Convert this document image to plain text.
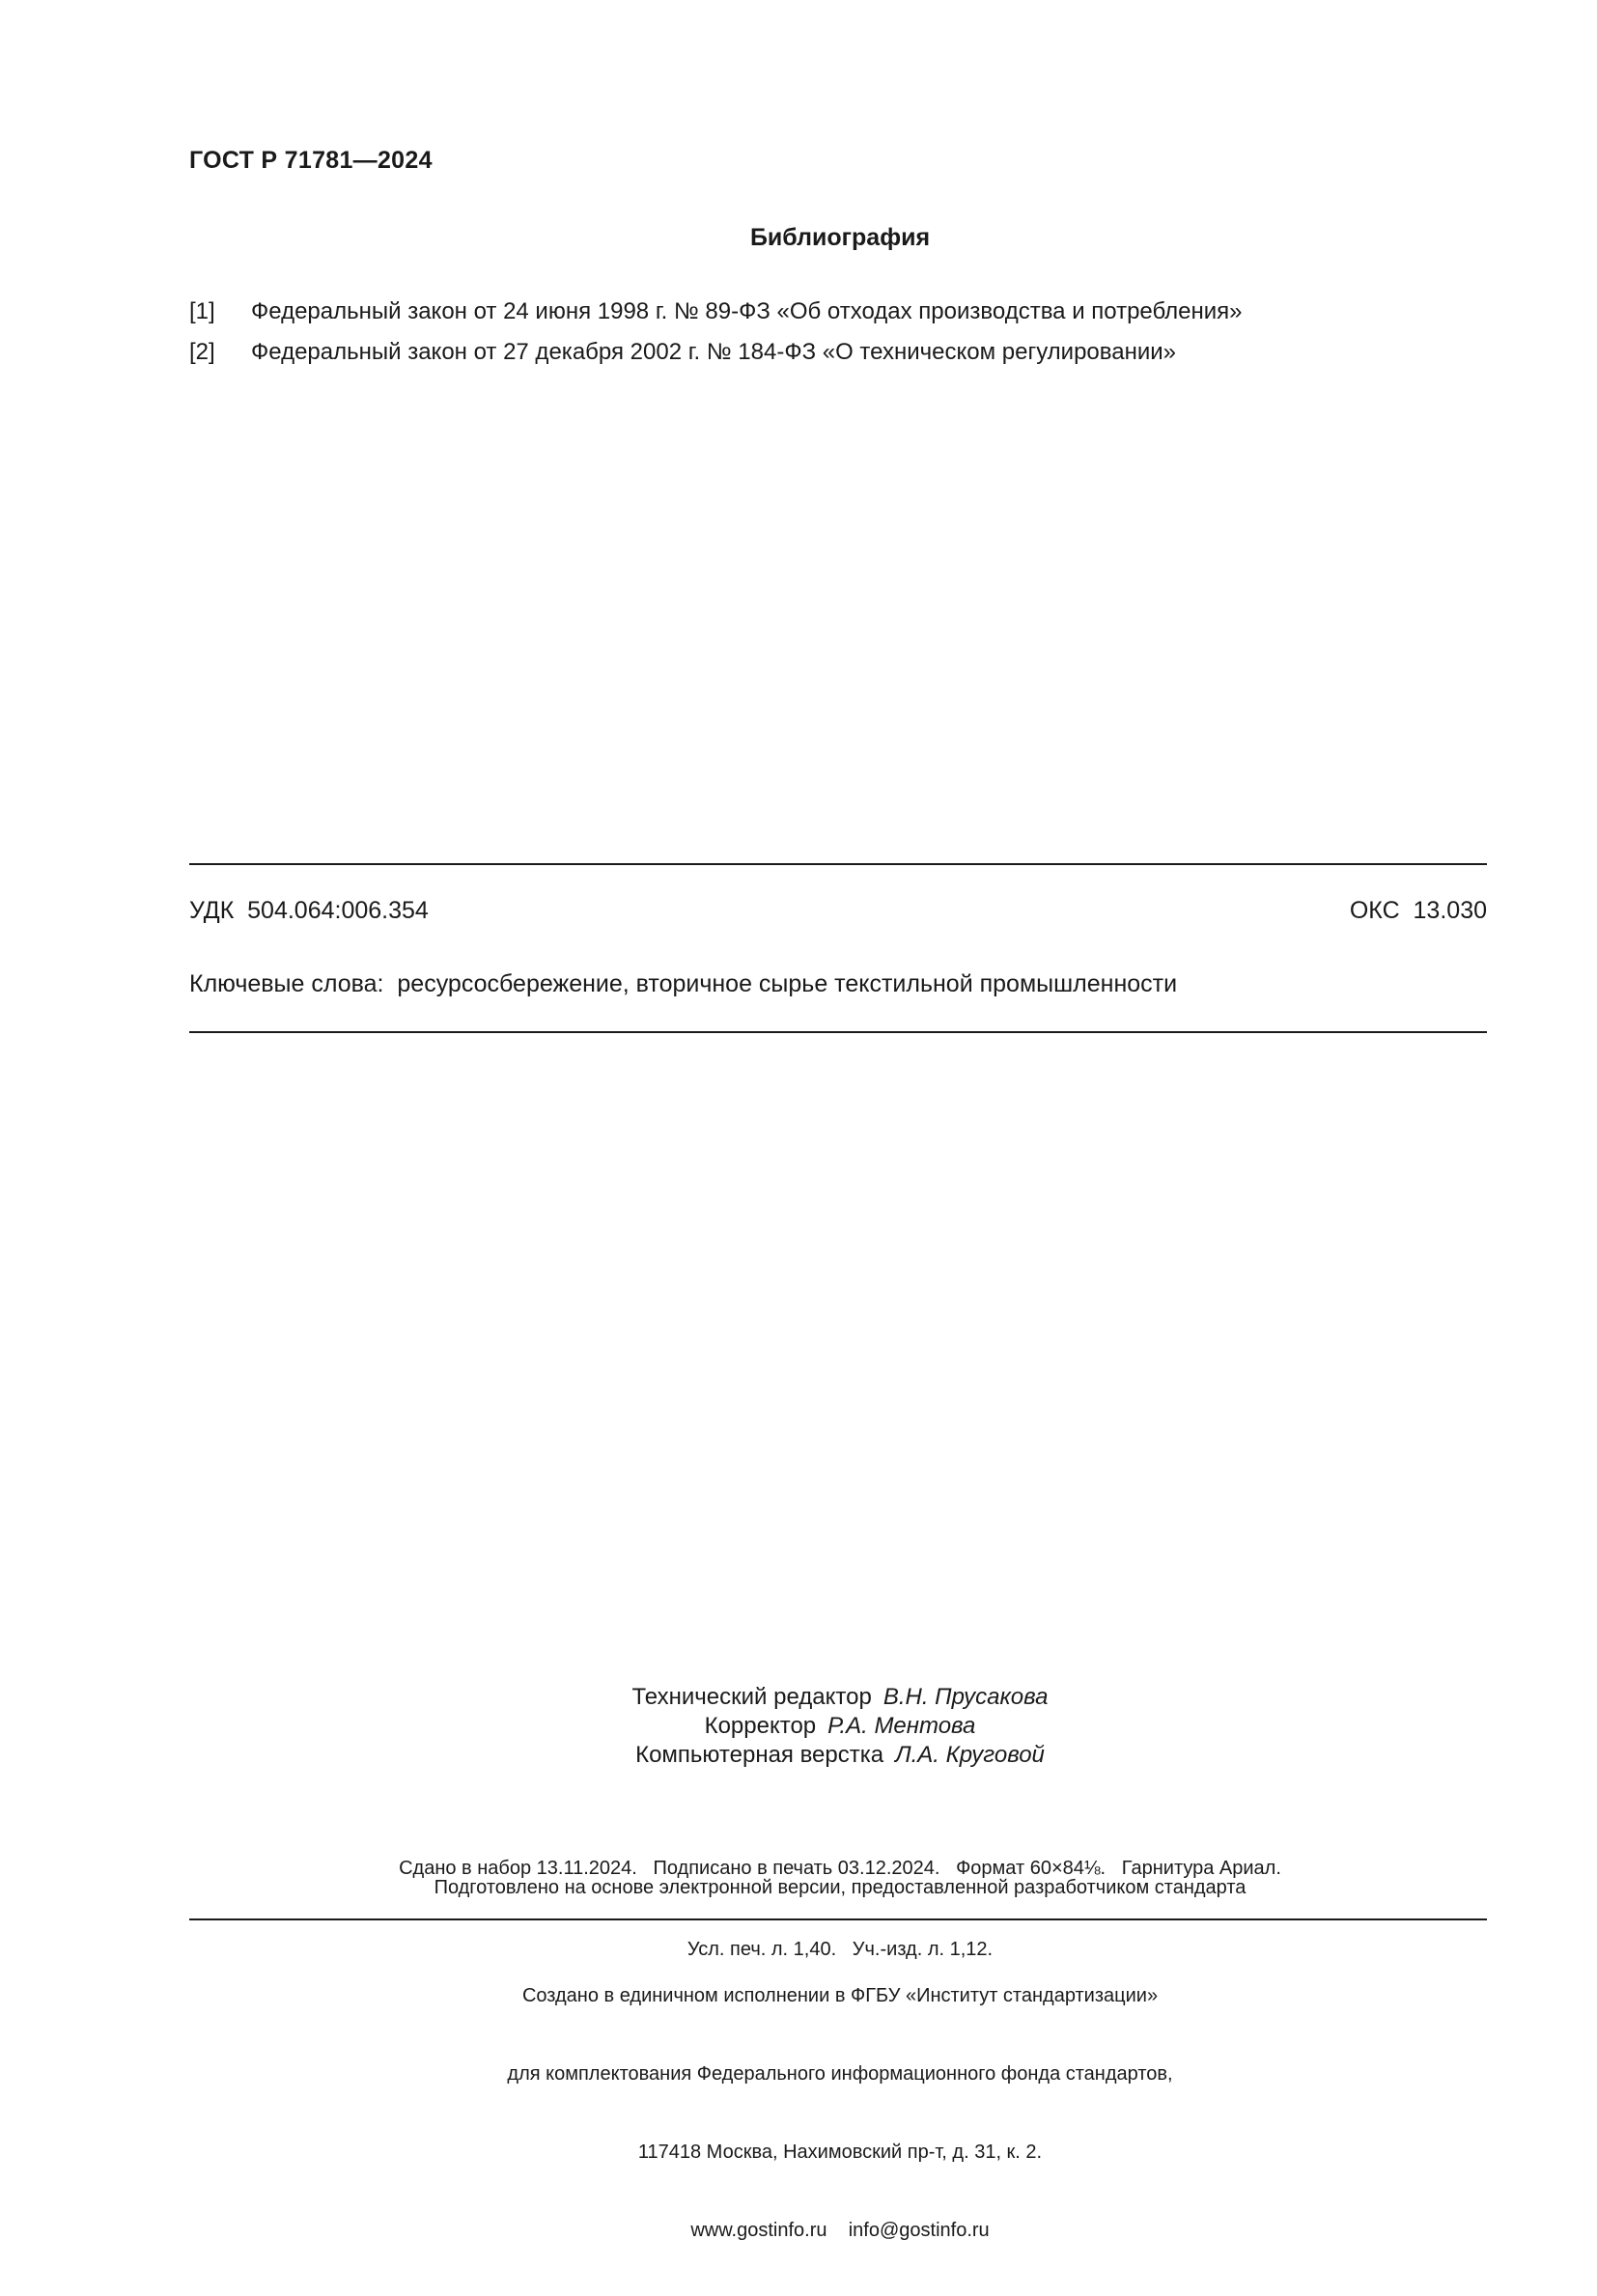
ГОСТ Р 71781—2024
Библиография
[1]	Федеральный закон от 24 июня 1998 г. № 89-ФЗ «Об отходах производства и потребления»
[2]	Федеральный закон от 27 декабря 2002 г. № 184-ФЗ «О техническом регулировании»
УДК  504.064:006.354	ОКС  13.030
Ключевые слова:  ресурсосбережение, вторичное сырье текстильной промышленности
Технический редактор В.Н. Прусакова
Корректор Р.А. Ментова
Компьютерная верстка Л.А. Круговой

Сдано в набор 13.11.2024.   Подписано в печать 03.12.2024.   Формат 60×84⅛.   Гарнитура Ариал.

Усл. печ. л. 1,40.   Уч.-изд. л. 1,12.

Подготовлено на основе электронной версии, предоставленной разработчиком стандарта

Создано в единичном исполнении в ФГБУ «Институт стандартизации»

для комплектования Федерального информационного фонда стандартов,

117418 Москва, Нахимовский пр-т, д. 31, к. 2.

www.gostinfo.ru    info@gostinfo.ru
